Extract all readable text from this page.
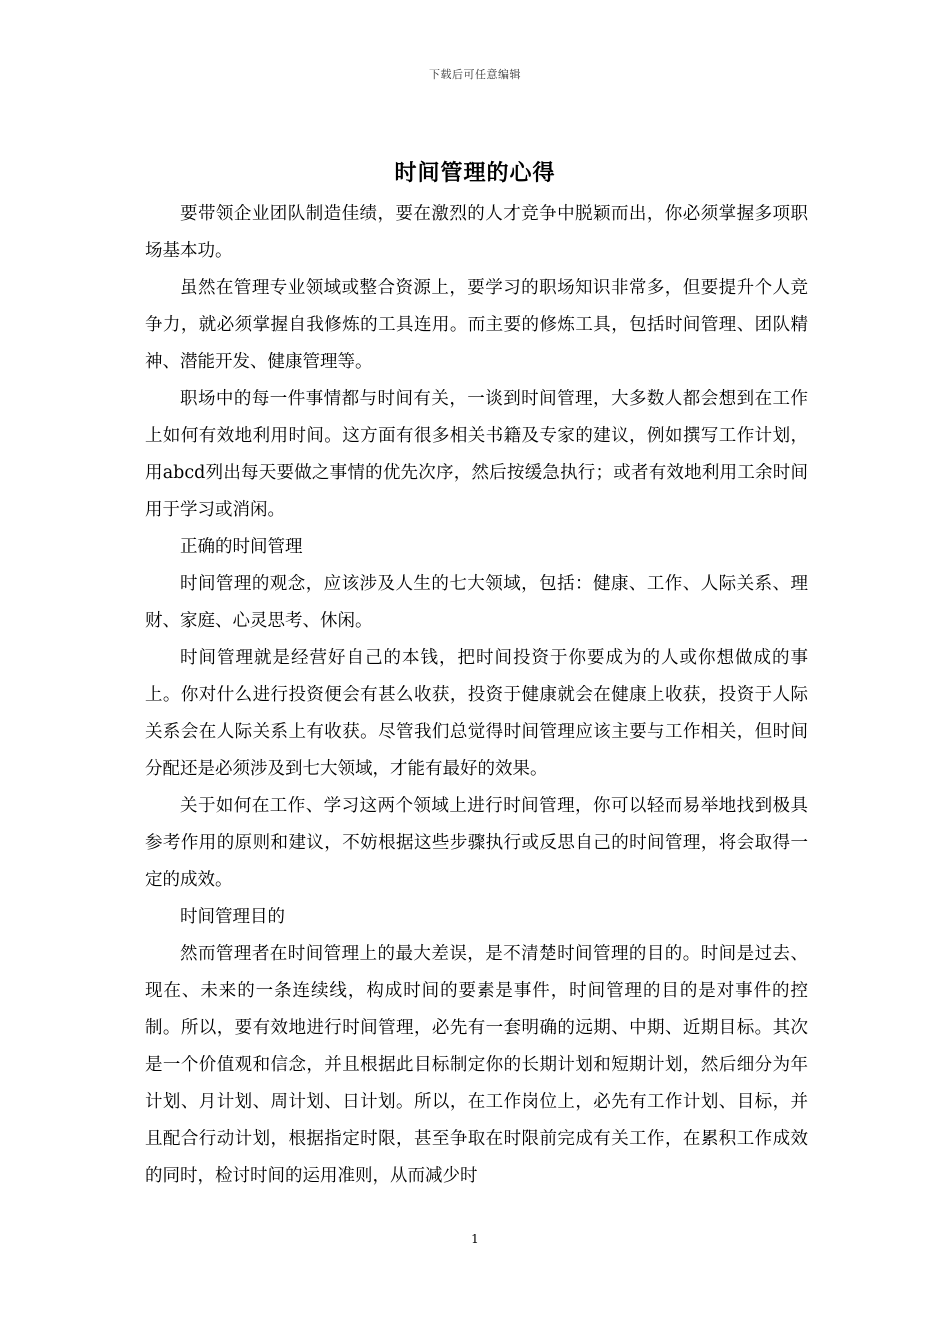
下载后可任意编辑
时间管理的心得

要带领企业团队制造佳绩，要在激烈的人才竞争中脱颖而出，你必须掌握多项职场基本功。

虽然在管理专业领域或整合资源上，要学习的职场知识非常多，但要提升个人竞争力，就必须掌握自我修炼的工具连用。而主要的修炼工具，包括时间管理、团队精神、潜能开发、健康管理等。

职场中的每一件事情都与时间有关，一谈到时间管理，大多数人都会想到在工作上如何有效地利用时间。这方面有很多相关书籍及专家的建议，例如撰写工作计划，用abcd列出每天要做之事情的优先次序，然后按缓急执行；或者有效地利用工余时间用于学习或消闲。

正确的时间管理

时间管理的观念，应该涉及人生的七大领域，包括：健康、工作、人际关系、理财、家庭、心灵思考、休闲。

时间管理就是经营好自己的本钱，把时间投资于你要成为的人或你想做成的事上。你对什么进行投资便会有甚么收获，投资于健康就会在健康上收获，投资于人际关系会在人际关系上有收获。尽管我们总觉得时间管理应该主要与工作相关，但时间分配还是必须涉及到七大领域，才能有最好的效果。

关于如何在工作、学习这两个领域上进行时间管理，你可以轻而易举地找到极具参考作用的原则和建议，不妨根据这些步骤执行或反思自己的时间管理，将会取得一定的成效。

时间管理目的

然而管理者在时间管理上的最大差误，是不清楚时间管理的目的。时间是过去、现在、未来的一条连续线，构成时间的要素是事件，时间管理的目的是对事件的控制。所以，要有效地进行时间管理，必先有一套明确的远期、中期、近期目标。其次是一个价值观和信念，并且根据此目标制定你的长期计划和短期计划，然后细分为年计划、月计划、周计划、日计划。所以，在工作岗位上，必先有工作计划、目标，并且配合行动计划，根据指定时限，甚至争取在时限前完成有关工作，在累积工作成效的同时，检讨时间的运用准则，从而减少时

1
